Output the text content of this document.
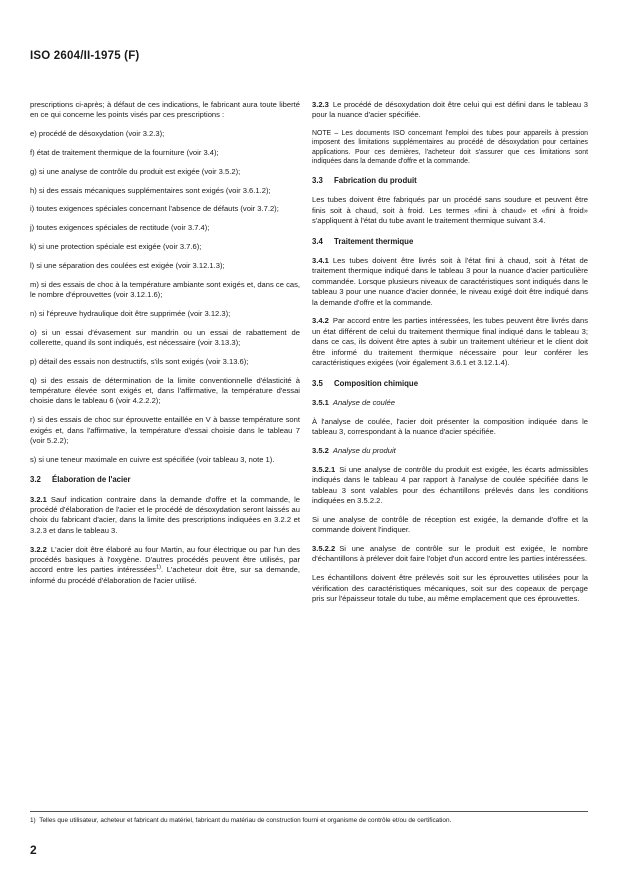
ISO 2604/II-1975 (F)

prescriptions ci-après; à défaut de ces indications, le fabricant aura toute liberté en ce qui concerne les points visés par ces prescriptions :

e) procédé de désoxydation (voir 3.2.3);

f) état de traitement thermique de la fourniture (voir 3.4);

g) si une analyse de contrôle du produit est exigée (voir 3.5.2);

h) si des essais mécaniques supplémentaires sont exigés (voir 3.6.1.2);

i) toutes exigences spéciales concernant l'absence de défauts (voir 3.7.2);

j) toutes exigences spéciales de rectitude (voir 3.7.4);

k) si une protection spéciale est exigée (voir 3.7.6);

l) si une séparation des coulées est exigée (voir 3.12.1.3);

m) si des essais de choc à la température ambiante sont exigés et, dans ce cas, le nombre d'éprouvettes (voir 3.12.1.6);

n) si l'épreuve hydraulique doit être supprimée (voir 3.12.3);

o) si un essai d'évasement sur mandrin ou un essai de rabattement de collerette, quand ils sont indiqués, est nécessaire (voir 3.13.3);

p) détail des essais non destructifs, s'ils sont exigés (voir 3.13.6);

q) si des essais de détermination de la limite conventionnelle d'élasticité à température élevée sont exigés et, dans l'affirmative, la température d'essai choisie dans le tableau 6 (voir 4.2.2.2);

r) si des essais de choc sur éprouvette entaillée en V à basse température sont exigés et, dans l'affirmative, la température d'essai choisie dans le tableau 7 (voir 5.2.2);

s) si une teneur maximale en cuivre est spécifiée (voir tableau 3, note 1).

3.2 Élaboration de l'acier

3.2.1 Sauf indication contraire dans la demande d'offre et la commande, le procédé d'élaboration de l'acier et le procédé de désoxydation seront laissés au choix du fabricant d'acier, dans la limite des prescriptions indiquées en 3.2.2 et 3.2.3 et dans le tableau 3.

3.2.2 L'acier doit être élaboré au four Martin, au four électrique ou par l'un des procédés basiques à l'oxygène. D'autres procédés peuvent être utilisés, par accord entre les parties intéressées$^{1)}$. L'acheteur doit être, sur sa demande, informé du procédé d'élaboration de l'acier utilisé.

3.2.3 Le procédé de désoxydation doit être celui qui est défini dans le tableau 3 pour la nuance d'acier spécifiée.

NOTE – Les documents ISO concernant l'emploi des tubes pour appareils à pression imposent des limitations supplémentaires au procédé de désoxydation pour certaines applications. Pour ces dernières, l'acheteur doit s'assurer que ces limitations sont indiquées dans la demande d'offre et la commande.

3.3 Fabrication du produit

Les tubes doivent être fabriqués par un procédé sans soudure et peuvent être finis soit à chaud, soit à froid. Les termes «fini à chaud» et «fini à froid» s'appliquent à l'état du tube avant le traitement thermique suivant 3.4.

3.4 Traitement thermique

3.4.1 Les tubes doivent être livrés soit à l'état fini à chaud, soit à l'état de traitement thermique indiqué dans le tableau 3 pour la nuance d'acier particulière commandée. Lorsque plusieurs niveaux de caractéristiques sont indiqués dans le tableau 3 pour une nuance d'acier donnée, le niveau exigé doit être indiqué dans la demande d'offre et la commande.

3.4.2 Par accord entre les parties intéressées, les tubes peuvent être livrés dans un état différent de celui du traitement thermique final indiqué dans le tableau 3; dans ce cas, ils doivent être aptes à subir un traitement ultérieur et le client doit être informé du traitement thermique nécessaire pour leur conférer les caractéristiques exigées (voir également 3.6.1 et 3.12.1.4).

3.5 Composition chimique

3.5.1 Analyse de coulée

À l'analyse de coulée, l'acier doit présenter la composition indiquée dans le tableau 3, correspondant à la nuance d'acier spécifiée.

3.5.2 Analyse du produit

3.5.2.1 Si une analyse de contrôle du produit est exigée, les écarts admissibles indiqués dans le tableau 4 par rapport à l'analyse de coulée spécifiée dans le tableau 3 sont valables pour des échantillons prélevés dans les conditions indiquées en 3.5.2.2.

Si une analyse de contrôle de réception est exigée, la demande d'offre et la commande doivent l'indiquer.

3.5.2.2 Si une analyse de contrôle sur le produit est exigée, le nombre d'échantillons à prélever doit faire l'objet d'un accord entre les parties intéressées.

Les échantillons doivent être prélevés soit sur les éprouvettes utilisées pour la vérification des caractéristiques mécaniques, soit sur des copeaux de perçage pris sur l'épaisseur totale du tube, au même emplacement que ces éprouvettes.

1) Telles que utilisateur, acheteur et fabricant du matériel, fabricant du matériau de construction fourni et organisme de contrôle et/ou de certification.
2
